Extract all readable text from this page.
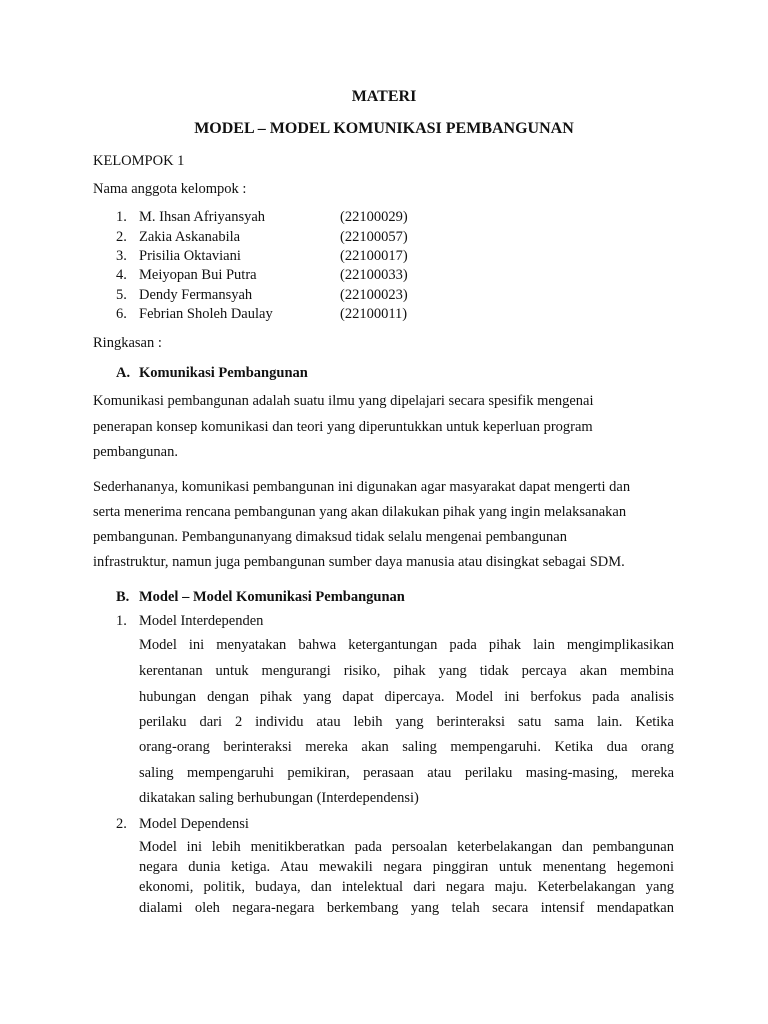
MATERI
MODEL – MODEL KOMUNIKASI PEMBANGUNAN
KELOMPOK 1
Nama anggota kelompok :
1. M. Ihsan Afriyansyah	(22100029)
2. Zakia Askanabila	(22100057)
3. Prisilia Oktaviani	(22100017)
4. Meiyopan Bui Putra	(22100033)
5. Dendy Fermansyah	(22100023)
6. Febrian Sholeh Daulay	(22100011)
Ringkasan :
A. Komunikasi Pembangunan
Komunikasi pembangunan adalah suatu ilmu yang dipelajari secara spesifik mengenai
penerapan konsep komunikasi dan teori yang diperuntukkan untuk keperluan program
pembangunan.
Sederhananya, komunikasi pembangunan ini digunakan agar masyarakat dapat mengerti dan
serta menerima rencana pembangunan yang akan dilakukan pihak yang ingin melaksanakan
pembangunan. Pembangunanyang dimaksud tidak selalu mengenai pembangunan
infrastruktur, namun juga pembangunan sumber daya manusia atau disingkat sebagai SDM.
B. Model – Model Komunikasi Pembangunan
1. Model Interdependen
Model ini menyatakan bahwa ketergantungan pada pihak lain mengimplikasikan
kerentanan untuk mengurangi risiko, pihak yang tidak percaya akan membina
hubungan dengan pihak yang dapat dipercaya. Model ini berfokus pada analisis
perilaku dari 2 individu atau lebih yang berinteraksi satu sama lain. Ketika
orang-orang berinteraksi mereka akan saling mempengaruhi. Ketika dua orang
saling mempengaruhi pemikiran, perasaan atau perilaku masing-masing, mereka
dikatakan saling berhubungan (Interdependensi)
2. Model Dependensi
Model ini lebih menitikberatkan pada persoalan keterbelakangan dan pembangunan
negara dunia ketiga. Atau mewakili negara pinggiran untuk menentang hegemoni
ekonomi, politik, budaya, dan intelektual dari negara maju. Keterbelakangan yang
dialami oleh negara-negara berkembang yang telah secara intensif mendapatkan
